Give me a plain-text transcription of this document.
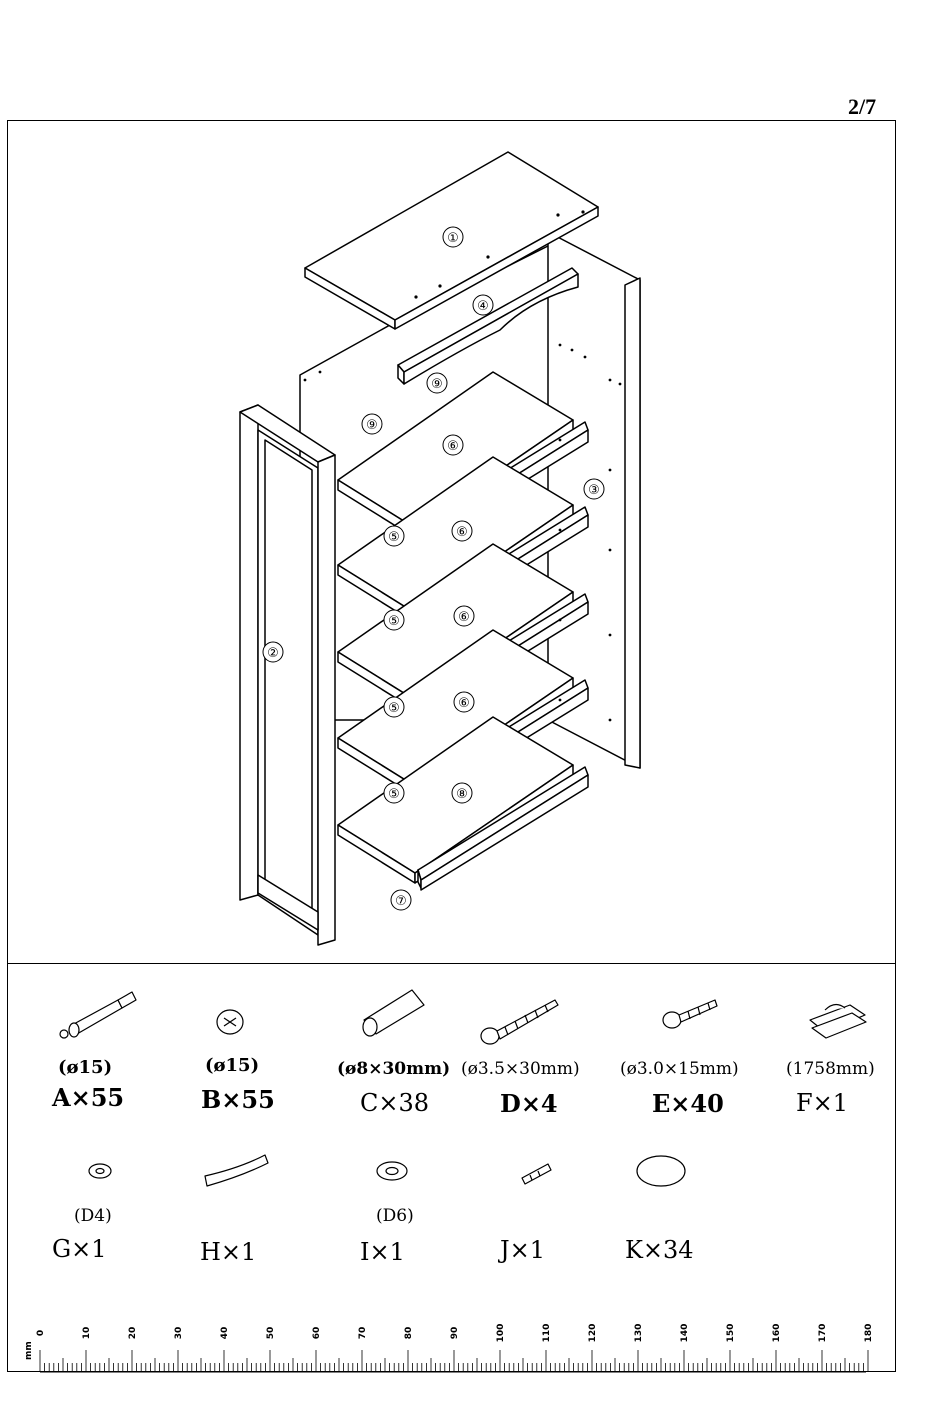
2/7
①
④
⑨
⑨
⑥
③
⑤	⑥
⑤	⑥
②
⑤	⑥
⑤	⑧
⑦
0	10	20	30	40	50	60	70	80	90	100	110	120	130	140	150	160	170	180
mm
(ø15)
A×55
(ø15)
B×55
(ø8×30mm)
C×38
(ø3.5×30mm)
D×4
(ø3.0×15mm)
E×40
(1758mm)
F×1
(D4)
G×1	H×1
(D6)
I×1	J×1	K×34
